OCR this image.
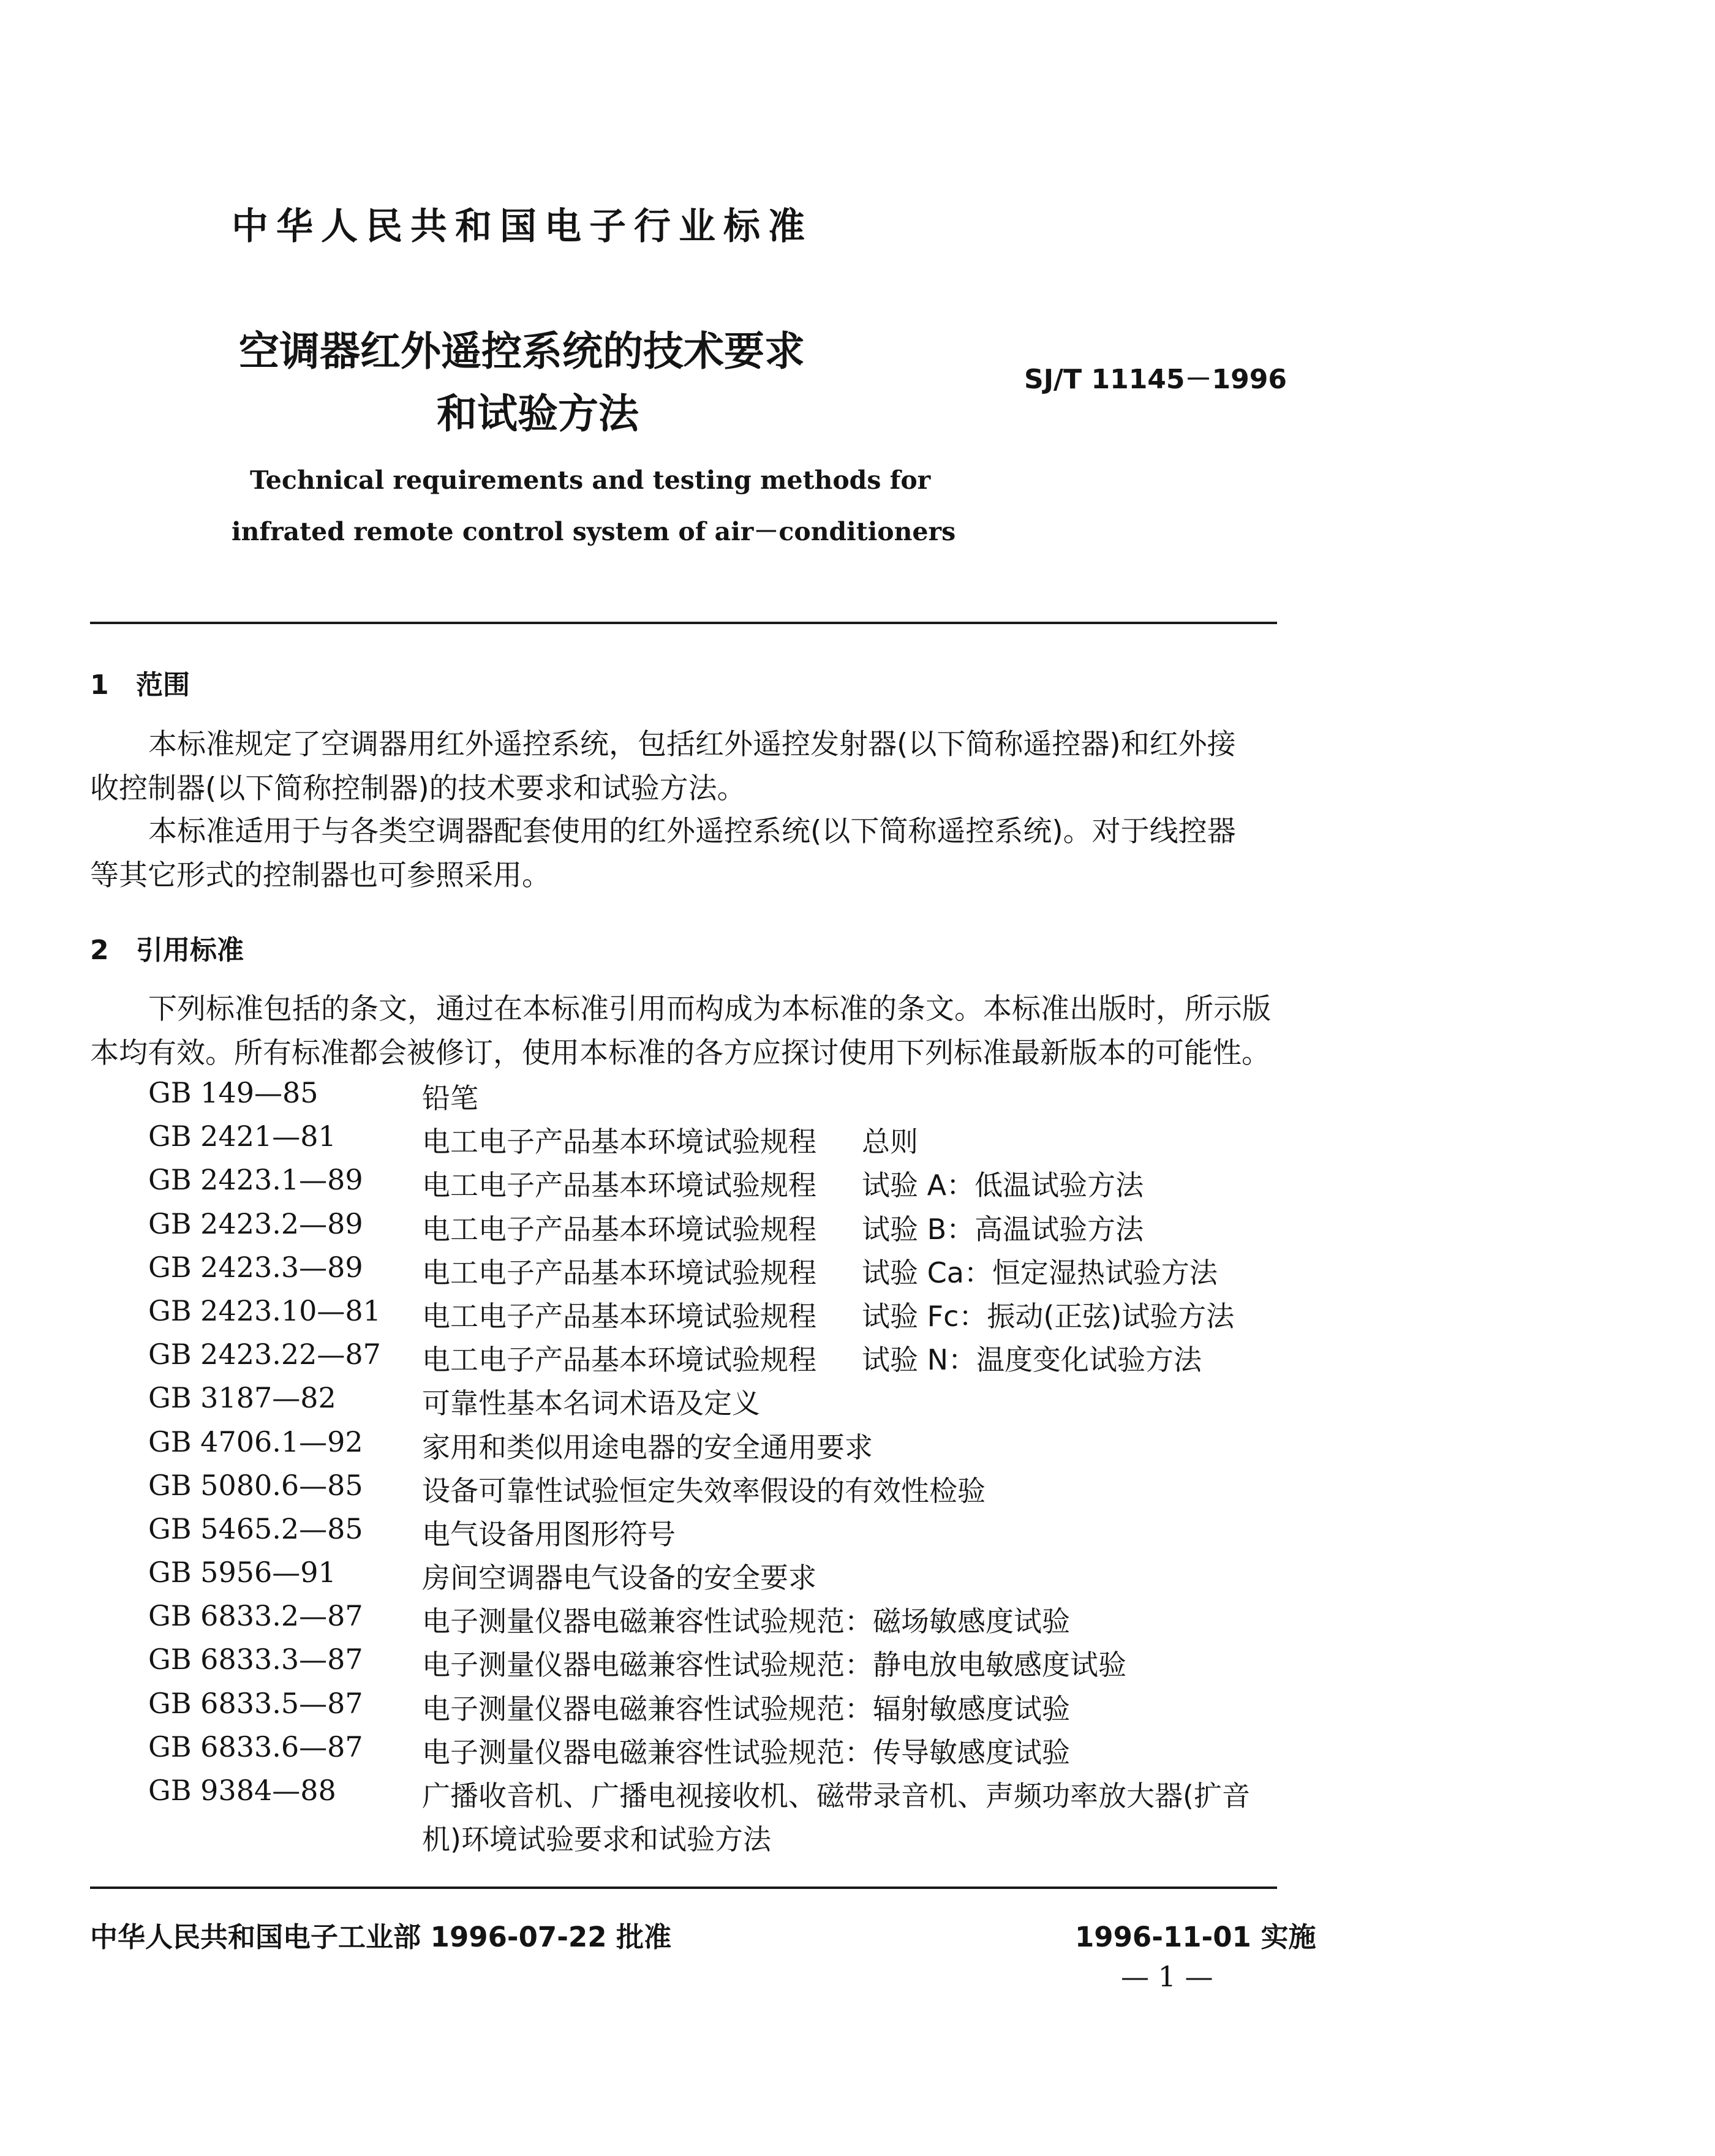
中华人民共和国电子行业标准
空调器红外遥控系统的技术要求
和试验方法
SJ/T 11145－1996
Technical requirements and testing methods for
infrated remote control system of air－conditioners
1 范围
本标准规定了空调器用红外遥控系统，包括红外遥控发射器(以下简称遥控器)和红外接
收控制器(以下简称控制器)的技术要求和试验方法。
本标准适用于与各类空调器配套使用的红外遥控系统(以下简称遥控系统)。对于线控器
等其它形式的控制器也可参照采用。
2 引用标准
下列标准包括的条文，通过在本标准引用而构成为本标准的条文。本标准出版时，所示版
本均有效。所有标准都会被修订，使用本标准的各方应探讨使用下列标准最新版本的可能性。
GB 149—85	铅笔
GB 2421—81	电工电子产品基本环境试验规程 总则
GB 2423.1—89 电工电子产品基本环境试验规程 试验 A：低温试验方法
GB 2423.2—89 电工电子产品基本环境试验规程 试验 B：高温试验方法
GB 2423.3—89 电工电子产品基本环境试验规程 试验 Ca：恒定湿热试验方法
GB 2423.10—81 电工电子产品基本环境试验规程 试验 Fc：振动(正弦)试验方法
GB 2423.22—87 电工电子产品基本环境试验规程 试验 N：温度变化试验方法
GB 3187—82	可靠性基本名词术语及定义
GB 4706.1—92 家用和类似用途电器的安全通用要求
GB 5080.6—85 设备可靠性试验恒定失效率假设的有效性检验
GB 5465.2—85 电气设备用图形符号
GB 5956—91	房间空调器电气设备的安全要求
GB 6833.2—87 电子测量仪器电磁兼容性试验规范：磁场敏感度试验
GB 6833.3—87 电子测量仪器电磁兼容性试验规范：静电放电敏感度试验
GB 6833.5—87 电子测量仪器电磁兼容性试验规范：辐射敏感度试验
GB 6833.6—87 电子测量仪器电磁兼容性试验规范：传导敏感度试验
GB 9384—88	广播收音机、广播电视接收机、磁带录音机、声频功率放大器(扩音
机)环境试验要求和试验方法
中华人民共和国电子工业部 1996-07-22 批准	1996-11-01 实施
— 1 —
